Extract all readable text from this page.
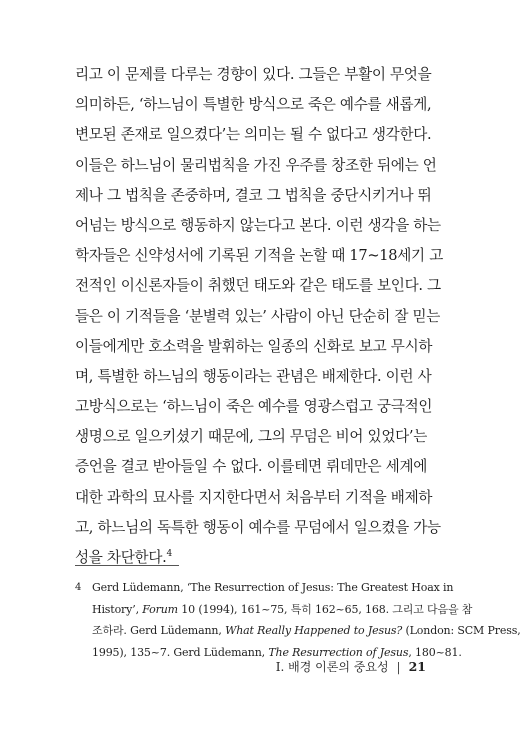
리고 이 문제를 다루는 경향이 있다. 그들은 부활이 무엇을
의미하든, ‘하느님이 특별한 방식으로 죽은 예수를 새롭게,
변모된 존재로 일으켰다’는 의미는 될 수 없다고 생각한다.
이들은 하느님이 물리법칙을 가진 우주를 창조한 뒤에는 언
제나 그 법칙을 존중하며, 결코 그 법칙을 중단시키거나 뛰
어넘는 방식으로 행동하지 않는다고 본다. 이런 생각을 하는
학자들은 신약성서에 기록된 기적을 논할 때 17~18세기 고
전적인 이신론자들이 취했던 태도와 같은 태도를 보인다. 그
들은 이 기적들을 ‘분별력 있는’ 사람이 아닌 단순히 잘 믿는
이들에게만 호소력을 발휘하는 일종의 신화로 보고 무시하
며, 특별한 하느님의 행동이라는 관념은 배제한다. 이런 사
고방식으로는 ‘하느님이 죽은 예수를 영광스럽고 궁극적인
생명으로 일으키셨기 때문에, 그의 무덤은 비어 있었다’는
증언을 결코 받아들일 수 없다. 이를테면 뤼데만은 세계에
대한 과학의 묘사를 지지한다면서 처음부터 기적을 배제하
고, 하느님의 독특한 행동이 예수를 무덤에서 일으켰을 가능
성을 차단한다.$^4$
4 Gerd Lüdemann, ‘The Resurrection of Jesus: The Greatest Hoax in
History’, Forum 10 (1994), 161~75, 특히 162~65, 168. 그리고 다음을 참
조하라. Gerd Lüdemann, What Really Happened to Jesus? (London: SCM Press,
1995), 135~7. Gerd Lüdemann, The Resurrection of Jesus, 180~81.
I. 배경 이론의 중요성 | 21
